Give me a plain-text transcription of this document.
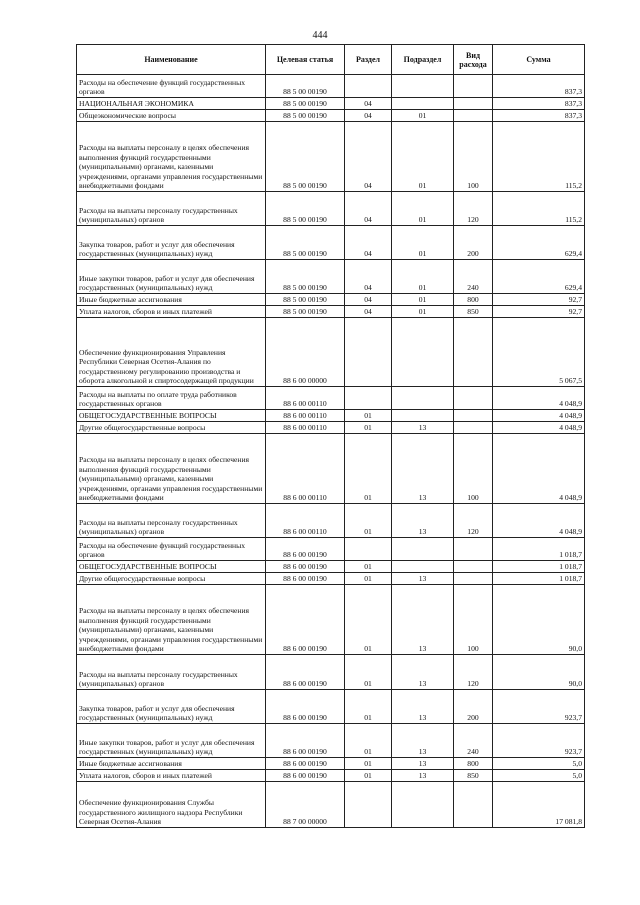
444
Наименование	Целевая статья	Раздел	Подраздел	Вид расхода	Сумма
Расходы на обеспечение функций государственных органов	88 5 00 00190				837,3
НАЦИОНАЛЬНАЯ ЭКОНОМИКА	88 5 00 00190	04			837,3
Общеэкономические вопросы	88 5 00 00190	04	01		837,3
Расходы на выплаты персоналу в целях обеспечения выполнения функций государственными (муниципальными) органами, казенными учреждениями, органами управления государственными внебюджетными фондами	88 5 00 00190	04	01	100	115,2
Расходы на выплаты персоналу государственных (муниципальных) органов	88 5 00 00190	04	01	120	115,2
Закупка товаров, работ и услуг для обеспечения государственных (муниципальных) нужд	88 5 00 00190	04	01	200	629,4
Иные закупки товаров, работ и услуг для обеспечения государственных (муниципальных) нужд	88 5 00 00190	04	01	240	629,4
Иные бюджетные ассигнования	88 5 00 00190	04	01	800	92,7
Уплата налогов, сборов и иных платежей	88 5 00 00190	04	01	850	92,7
Обеспечение функционирования Управления Республики Северная Осетия-Алания по государственному регулированию производства и оборота алкогольной и спиртосодержащей продукции	88 6 00 00000				5 067,5
Расходы на выплаты по оплате труда работников государственных органов	88 6 00 00110				4 048,9
ОБЩЕГОСУДАРСТВЕННЫЕ ВОПРОСЫ	88 6 00 00110	01			4 048,9
Другие общегосударственные вопросы	88 6 00 00110	01	13		4 048,9
Расходы на выплаты персоналу в целях обеспечения выполнения функций государственными (муниципальными) органами, казенными учреждениями, органами управления государственными внебюджетными фондами	88 6 00 00110	01	13	100	4 048,9
Расходы на выплаты персоналу государственных (муниципальных) органов	88 6 00 00110	01	13	120	4 048,9
Расходы на обеспечение функций государственных органов	88 6 00 00190				1 018,7
ОБЩЕГОСУДАРСТВЕННЫЕ ВОПРОСЫ	88 6 00 00190	01			1 018,7
Другие общегосударственные вопросы	88 6 00 00190	01	13		1 018,7
Расходы на выплаты персоналу в целях обеспечения выполнения функций государственными (муниципальными) органами, казенными учреждениями, органами управления государственными внебюджетными фондами	88 6 00 00190	01	13	100	90,0
Расходы на выплаты персоналу государственных (муниципальных) органов	88 6 00 00190	01	13	120	90,0
Закупка товаров, работ и услуг для обеспечения государственных (муниципальных) нужд	88 6 00 00190	01	13	200	923,7
Иные закупки товаров, работ и услуг для обеспечения государственных (муниципальных) нужд	88 6 00 00190	01	13	240	923,7
Иные бюджетные ассигнования	88 6 00 00190	01	13	800	5,0
Уплата налогов, сборов и иных платежей	88 6 00 00190	01	13	850	5,0
Обеспечение функционирования Службы государственного жилищного надзора Республики Северная Осетия-Алания	88 7 00 00000				17 081,8
